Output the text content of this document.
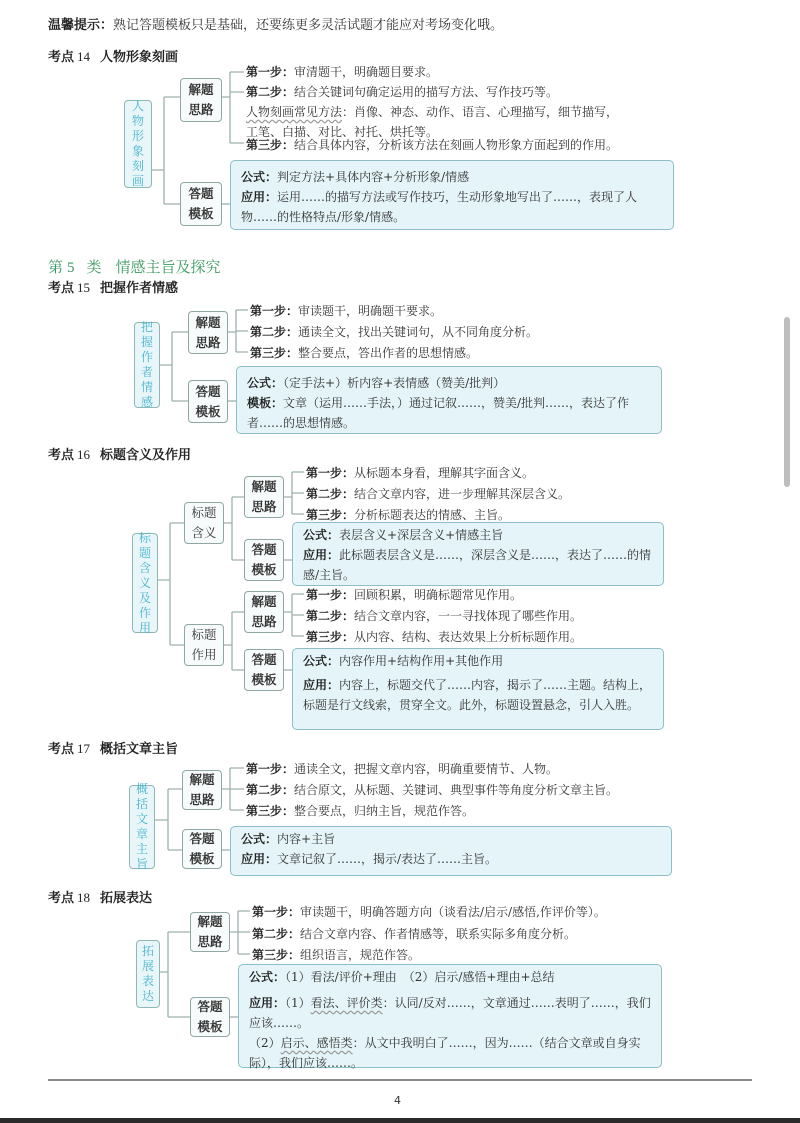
温馨提示：熟记答题模板只是基础，还要练更多灵活试题才能应对考场变化哦。
考点 14 人物形象刻画
人
物
形
象
刻
画
解题
思路
答题
模板
第一步：审清题干，明确题目要求。
第二步：结合关键词句确定运用的描写方法、写作技巧等。
人物刻画常见方法：肖像、神态、动作、语言、心理描写，细节描写，
工笔、白描、对比、衬托、烘托等。
第三步：结合具体内容，分析该方法在刻画人物形象方面起到的作用。

公式：判定方法+具体内容+分析形象/情感

应用：运用……的描写方法或写作技巧，生动形象地写出了……，表现了人物……的性格特点/形象/情感。

第 5 类 情感主旨及探究
考点 15 把握作者情感
把
握
作
者
情
感
解题
思路
答题
模板
第一步：审读题干，明确题干要求。
第二步：通读全文，找出关键词句，从不同角度分析。
第三步：整合要点，答出作者的思想情感。

公式：（定手法+）析内容+表情感（赞美/批判）

模板：文章（运用……手法，）通过记叙……，赞美/批判……，表达了作者……的思想情感。

考点 16 标题含义及作用
标
题
含
义
及
作
用
标题
含义
标题
作用
解题
思路
答题
模板
解题
思路
答题
模板
第一步：从标题本身看，理解其字面含义。
第二步：结合文章内容，进一步理解其深层含义。
第三步：分析标题表达的情感、主旨。

公式：表层含义+深层含义+情感主旨

应用：此标题表层含义是……，深层含义是……，表达了……的情感/主旨。

第一步：回顾积累，明确标题常见作用。
第二步：结合文章内容，一一寻找体现了哪些作用。
第三步：从内容、结构、表达效果上分析标题作用。

公式：内容作用+结构作用+其他作用

应用：内容上，标题交代了……内容，揭示了……主题。结构上，标题是行文线索，贯穿全文。此外，标题设置悬念，引人入胜。

考点 17 概括文章主旨
概
括
文
章
主
旨
解题
思路
答题
模板
第一步：通读全文，把握文章内容，明确重要情节、人物。
第二步：结合原文，从标题、关键词、典型事件等角度分析文章主旨。
第三步：整合要点，归纳主旨，规范作答。

公式：内容+主旨

应用：文章记叙了……，揭示/表达了……主旨。

考点 18 拓展表达
拓
展
表
达
解题
思路
答题
模板
第一步：审读题干，明确答题方向（谈看法/启示/感悟,作评价等）。
第二步：结合文章内容、作者情感等，联系实际多角度分析。
第三步：组织语言，规范作答。

公式：（1）看法/评价+理由　（2）启示/感悟+理由+总结

应用：（1）看法、评价类：认同/反对……，文章通过……表明了……，我们应该……。

（2）启示、感悟类：从文中我明白了……，因为……（结合文章或自身实际），我们应该……。

4
